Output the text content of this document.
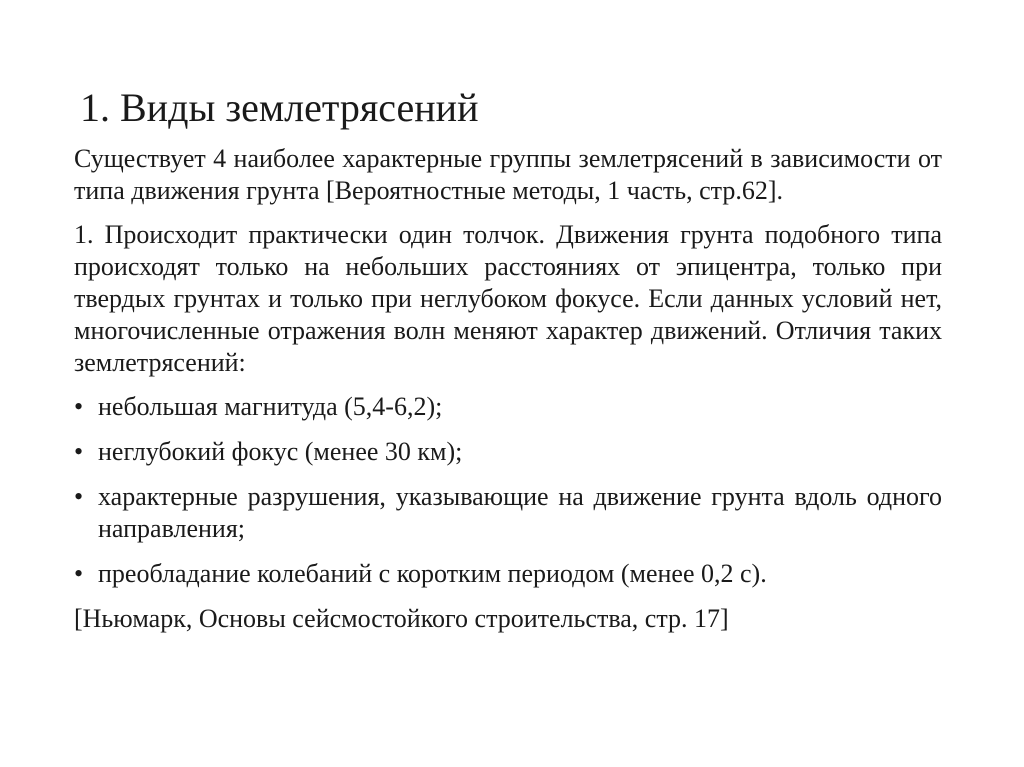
1. Виды землетрясений

Существует 4 наиболее характерные группы землетрясений в зависимости от типа движения грунта [Вероятностные методы, 1 часть, стр.62].

1. Происходит практически один толчок. Движения грунта подобного типа происходят только на небольших расстояниях от эпицентра, только при твердых грунтах и только при неглубоком фокусе. Если данных условий нет, многочисленные отражения волн меняют характер движений. Отличия таких землетрясений:

• небольшая магнитуда (5,4-6,2);
• неглубокий фокус (менее 30 км);
• характерные разрушения, указывающие на движение грунта вдоль одного направления;
• преобладание колебаний с коротким периодом (менее 0,2 с).

[Ньюмарк, Основы сейсмостойкого строительства, стр. 17]
